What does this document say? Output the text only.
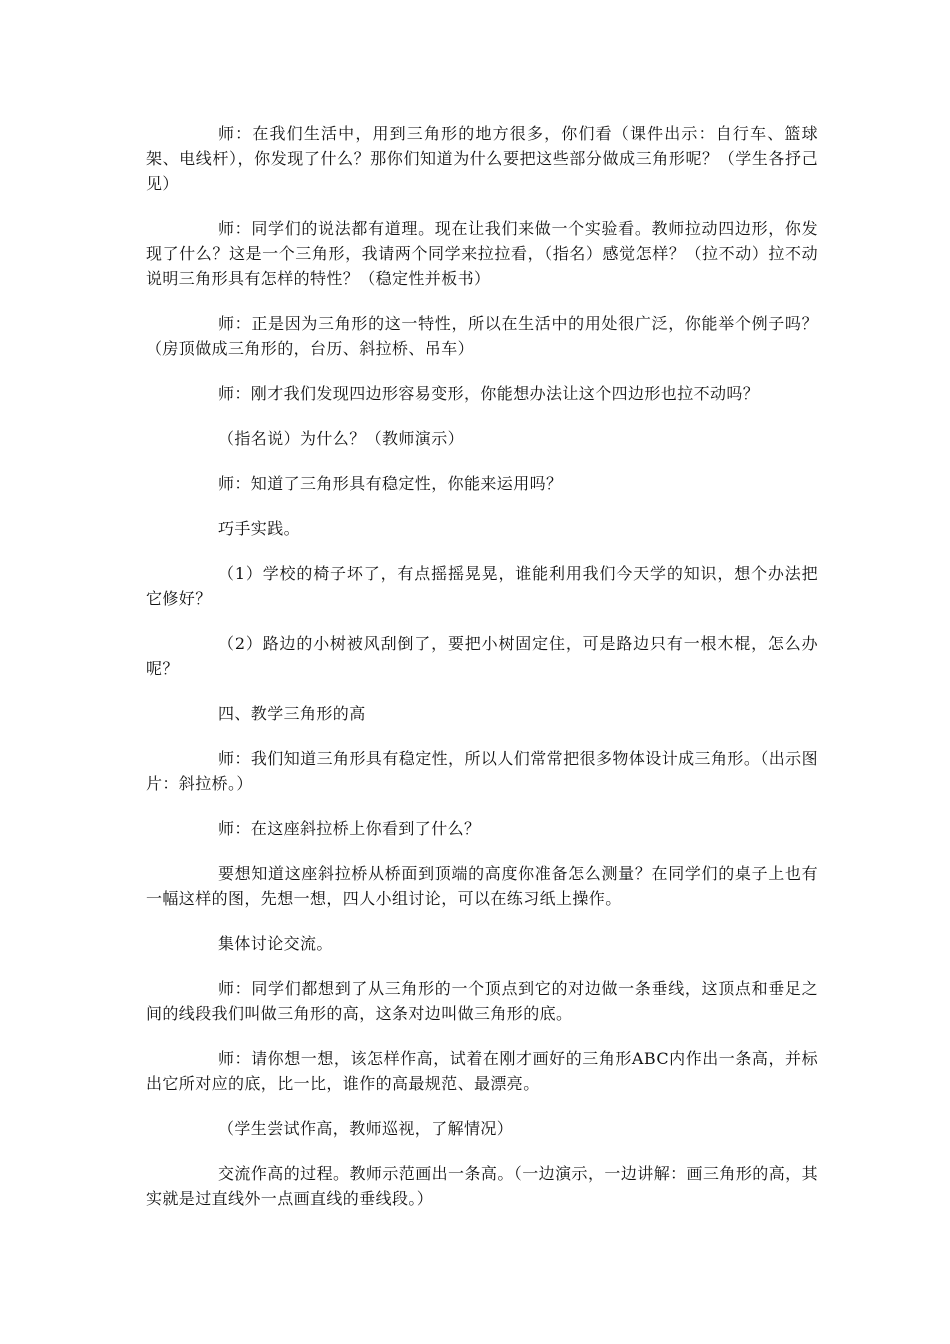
师：在我们生活中，用到三角形的地方很多，你们看（课件出示：自行车、篮球架、电线杆），你发现了什么？那你们知道为什么要把这些部分做成三角形呢？（学生各抒己见）

师：同学们的说法都有道理。现在让我们来做一个实验看。教师拉动四边形，你发现了什么？这是一个三角形，我请两个同学来拉拉看，（指名）感觉怎样？（拉不动）拉不动说明三角形具有怎样的特性？（稳定性并板书）

师：正是因为三角形的这一特性，所以在生活中的用处很广泛，你能举个例子吗？（房顶做成三角形的，台历、斜拉桥、吊车）

师：刚才我们发现四边形容易变形，你能想办法让这个四边形也拉不动吗？

（指名说）为什么？（教师演示）

师：知道了三角形具有稳定性，你能来运用吗？

巧手实践。

（1）学校的椅子坏了，有点摇摇晃晃，谁能利用我们今天学的知识，想个办法把它修好？

（2）路边的小树被风刮倒了，要把小树固定住，可是路边只有一根木棍，怎么办呢？

四、教学三角形的高

师：我们知道三角形具有稳定性，所以人们常常把很多物体设计成三角形。（出示图片：斜拉桥。）

师：在这座斜拉桥上你看到了什么？

要想知道这座斜拉桥从桥面到顶端的高度你准备怎么测量？在同学们的桌子上也有一幅这样的图，先想一想，四人小组讨论，可以在练习纸上操作。

集体讨论交流。

师：同学们都想到了从三角形的一个顶点到它的对边做一条垂线，这顶点和垂足之间的线段我们叫做三角形的高，这条对边叫做三角形的底。

师：请你想一想，该怎样作高，试着在刚才画好的三角形ABC内作出一条高，并标出它所对应的底，比一比，谁作的高最规范、最漂亮。

（学生尝试作高，教师巡视，了解情况）

交流作高的过程。教师示范画出一条高。（一边演示，一边讲解：画三角形的高，其实就是过直线外一点画直线的垂线段。）
